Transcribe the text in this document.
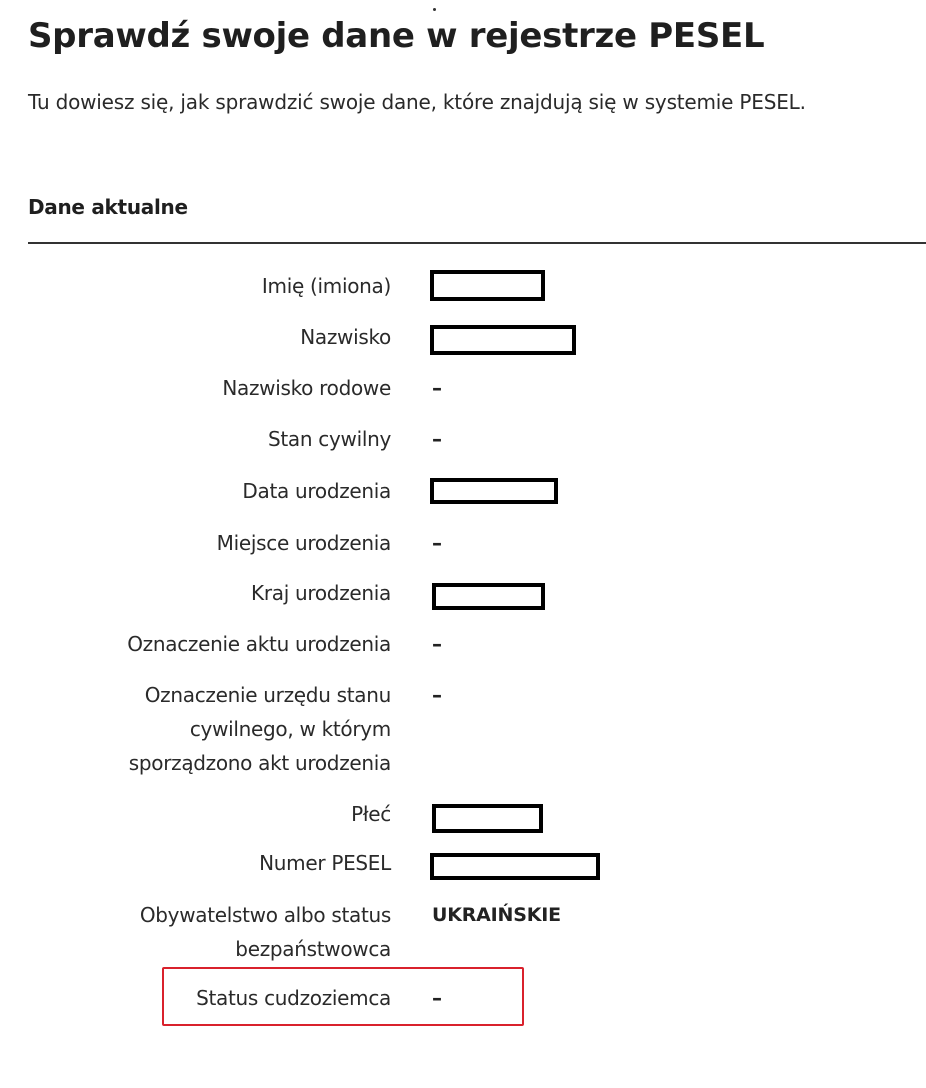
Sprawdź swoje dane w rejestrze PESEL

Tu dowiesz się, jak sprawdzić swoje dane, które znajdują się w systemie PESEL.

Dane aktualne
Imię (imiona)
Nazwisko
Nazwisko rodowe –
Stan cywilny –
Data urodzenia
Miejsce urodzenia –
Kraj urodzenia
Oznaczenie aktu urodzenia –
Oznaczenie urzędu stanu cywilnego, w którym sporządzono akt urodzenia
–
Płeć
Numer PESEL
Obywatelstwo albo status bezpaństwowca
UKRAIŃSKIE
Status cudzoziemca –
